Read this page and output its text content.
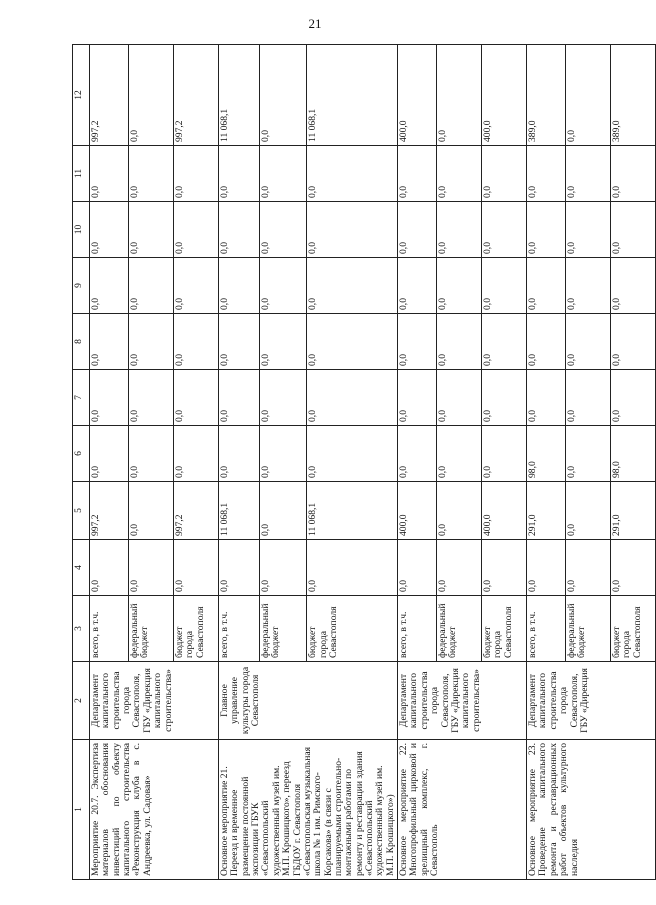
21
1	2	3	4	5	6	7	8	9	10	11	12
Мероприятие 20.7. Экспертиза материалов обоснования инвестиций по объекту капитального строительства «Реконструкция клуба в с. Андреевка, ул. Садовая»	Департамент капитального строительства города Севастополя, ГБУ «Дирекция капитального строительства»	всего, в т.ч.	0,0	997,2	0,0	0,0	0,0	0,0	0,0	0,0	997,2
		федеральный бюджет	0,0	0,0	0,0	0,0	0,0	0,0	0,0	0,0	0,0
		бюджет города Севастополя	0,0	997,2	0,0	0,0	0,0	0,0	0,0	0,0	997,2
Основное мероприятие 21. Переезд и временное размещение постоянной экспозиции ГБУК «Севастопольский художественный музей им. М.П. Крошицкого», переезд ГБДОУ г. Севастополя «Севастопольская музыкальная школа № 1 им. Римского-Корсакова» (в связи с планируемыми строительно-монтажными работами по ремонту и реставрации здания «Севастопольский художественный музей им. М.П. Крошицкого»)	Главное управление культуры города Севастополя	всего, в т.ч.	0,0	11 068,1	0,0	0,0	0,0	0,0	0,0	0,0	11 068,1
		федеральный бюджет	0,0	0,0	0,0	0,0	0,0	0,0	0,0	0,0	0,0
		бюджет города Севастополя	0,0	11 068,1	0,0	0,0	0,0	0,0	0,0	0,0	11 068,1
Основное мероприятие 22. Многопрофильный цирковой и зрелищный комплекс, г. Севастополь	Департамент капитального строительства города Севастополя, ГБУ «Дирекция капитального строительства»	всего, в т.ч.	0,0	400,0	0,0	0,0	0,0	0,0	0,0	0,0	400,0
		федеральный бюджет	0,0	0,0	0,0	0,0	0,0	0,0	0,0	0,0	0,0
		бюджет города Севастополя	0,0	400,0	0,0	0,0	0,0	0,0	0,0	0,0	400,0
Основное мероприятие 23. Проведение капитального ремонта и реставрационных работ объектов культурного наследия	Департамент капитального строительства города Севастополя, ГБУ «Дирекция	всего, в т.ч.	0,0	291,0	98,0	0,0	0,0	0,0	0,0	0,0	389,0
		федеральный бюджет	0,0	0,0	0,0	0,0	0,0	0,0	0,0	0,0	0,0
		бюджет города Севастополя	0,0	291,0	98,0	0,0	0,0	0,0	0,0	0,0	389,0
